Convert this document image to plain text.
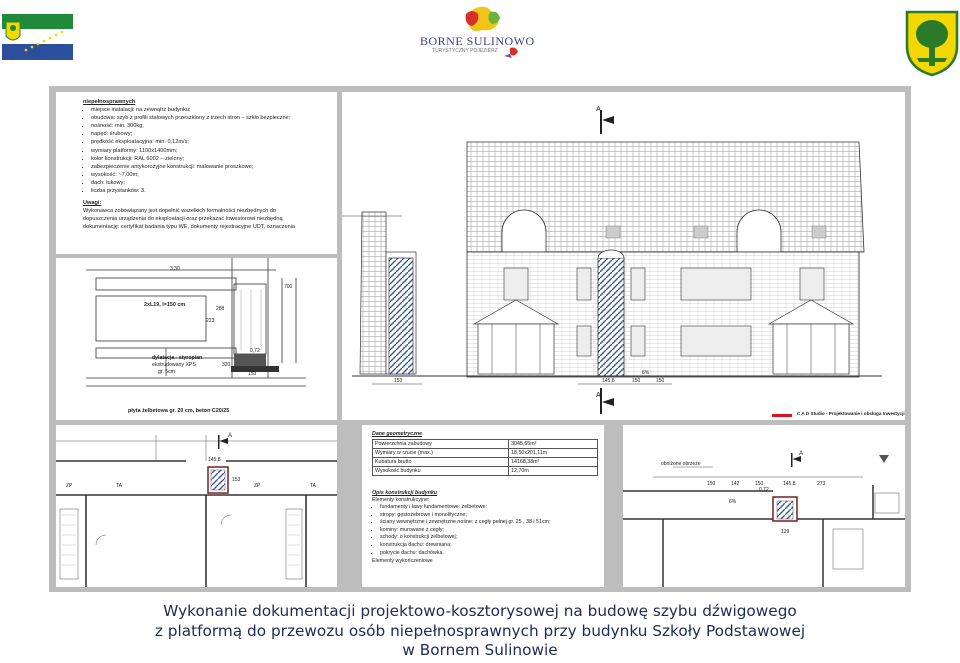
BORNE SULINOWO
TURYSTYCZNY POJEZIERZ
niepełnosprawnych
• miejsce instalacji: na zewnątrz budynku;
• obudowa: szyb z profili stalowych przeszklony z trzech stron – szkło bezpieczne;
• nośność: min. 300kg;
• napęd: śrubowy;
• prędkość eksploatacyjna: min. 0,12m/s;
• wymiary platformy: 1100x1400mm;
• kolor konstrukcji: RAL 6002 – zielony;
• zabezpieczenie antykorozyjne konstrukcji: malowanie proszkowe;
• wysokość: ~7,00m;
• dach: łukowy;
• liczba przystanków: 3.
Uwagi:

Wykonawca zobowiązany jest dopełnić wszelkich formalności niezbędnych do

dopuszczenia urządzenia do eksploatacji oraz przekazać Inwestorowi niezbędną

dokumentację: certyfikat badania typu WE, dokumenty rejestracyjne UDT, oznaczenia

2xL19, l=150 cm
dylatacja - styropian
ekstrudowany XPS
gr. 5cm
płyta żelbetowa gr. 20 cm, beton C20/25
3,30
288
223
700
0,72
153
320
A
A
153	145,8	150	150
6%
C A D Studio - Projektowanie i obsługa Inwestycji
A
145,8
153
ZP	TA	ZP	TA
Dane geometryczne
Powierzchnia zabudowy	3045,65m²
Wymiary w rzucie (max.)	18,50x201,11m
Kubatura brutto	14168,38m³
Wysokość budynku	12,70m
Opis konstrukcji budynku
Elementy konstrukcyjne:
• fundamenty i ławy fundamentowe: żelbetowe;
• stropy: gęstożebrowe i monolityczne;
• ściany wewnętrzne i zewnętrzne nośne: z cegły pełnej gr. 25 , 38 i 51cm;
• kominy: murowane z cegły;
• schody: o konstrukcji żelbetowej;
• konstrukcja dachu: drewniana;
• pokrycie dachu: dachówka.
Elementy wykończeniowe
A
obniżone obrzeże
150	142	150	145,8	273
6%
0,72
129
Wykonanie dokumentacji projektowo-kosztorysowej na budowę szybu dźwigowego
z platformą do przewozu osób niepełnosprawnych przy budynku Szkoły Podstawowej
w Bornem Sulinowie
